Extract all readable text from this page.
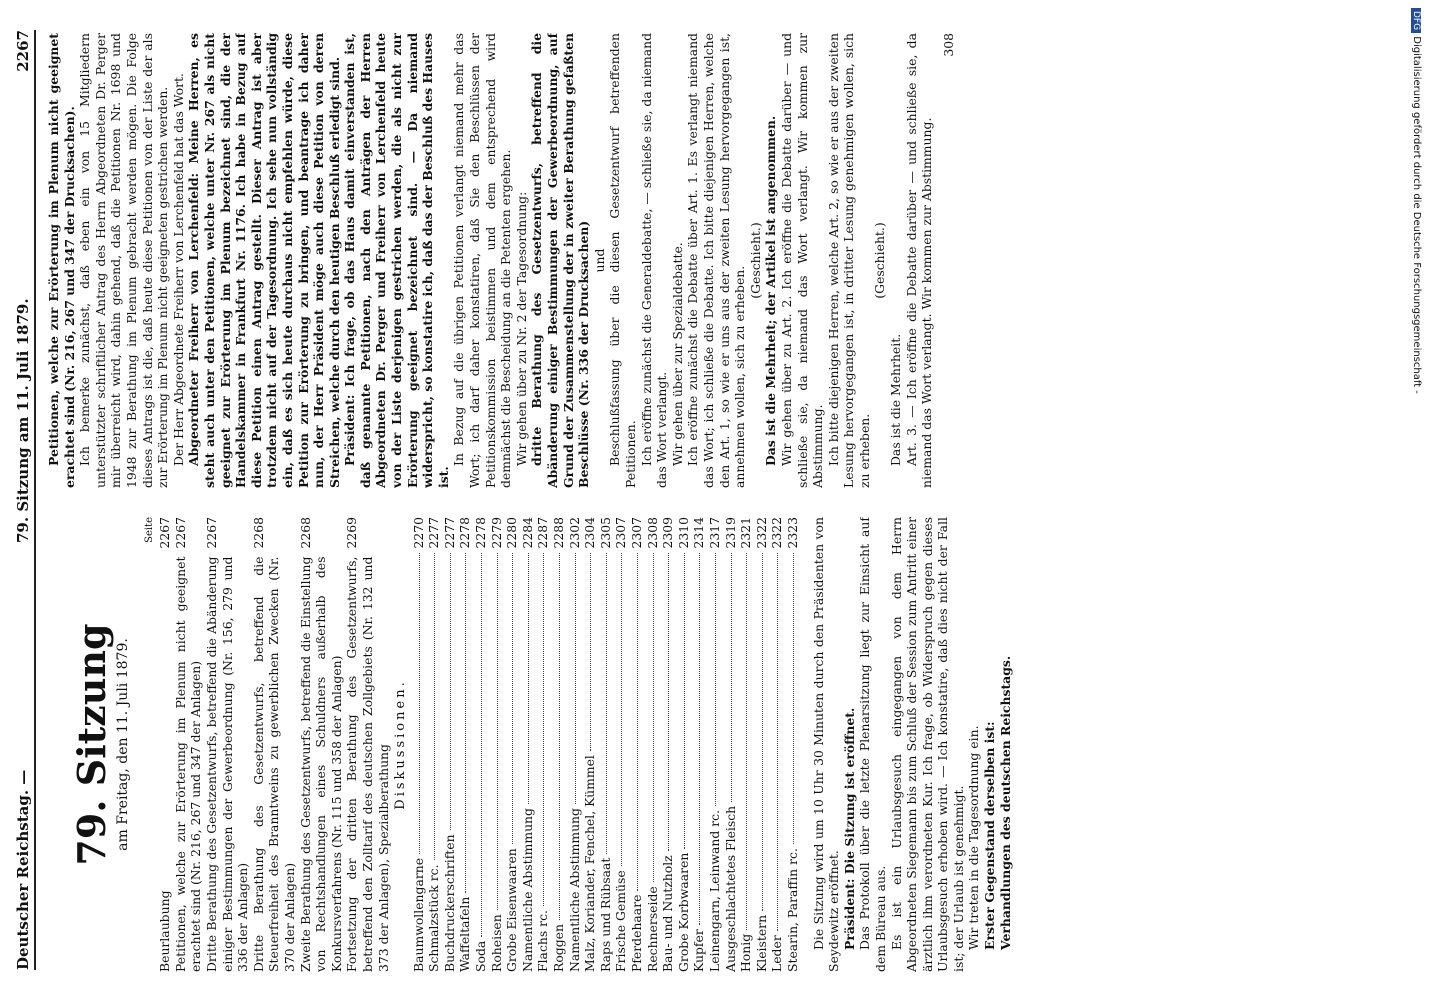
Deutscher Reichstag. —
79. Sitzung am 11. Juli 1879.
2267
79. Sitzung am Freitag, den 11. Juli 1879.
Seite
Beurlaubung
2267
Petitionen, welche zur Erörterung im Plenum nicht geeignet erachtet sind (Nr. 216, 267 und 347 der Anlagen)
2267
Dritte Berathung des Gesetzentwurfs, betreffend die Abänderung einiger Bestimmungen der Gewerbeordnung (Nr. 156, 279 und 336 der Anlagen)
2267
Dritte Berathung des Gesetzentwurfs, betreffend die Steuerfreiheit des Branntweins zu gewerblichen Zwecken (Nr. 370 der Anlagen)
2268
Zweite Berathung des Gesetzentwurfs, betreffend die Einstellung von Rechtshandlungen eines Schuldners außerhalb des Konkursverfahrens (Nr. 115 und 358 der Anlagen)
2268
Fortsetzung der dritten Berathung des Gesetzentwurfs, betreffend den Zolltarif des deutschen Zollgebiets (Nr. 132 und 373 der Anlagen), Spezialberathung
2269
Diskussionen.
Baumwollengarne
2270
Schmalzstück rc.
2277
Buchdruckerschriften
2277
Waffeltafeln
2278
Soda
2278
Roheisen
2279
Grobe Eisenwaaren
2280
Namentliche Abstimmung
2284
Flachs rc.
2287
Roggen
2288
Namentliche Abstimmung
2302
Malz, Koriander, Fenchel, Kümmel
2304
Raps und Rübsaat
2305
Frische Gemüse
2307
Pferdehaare
2307
Rechnerseide
2308
Bau- und Nutzholz
2309
Grobe Korbwaaren
2310
Kupfer
2314
Leinengarn, Leinwand rc.
2317
Ausgeschlachtetes Fleisch
2319
Honig
2321
Kleistern
2322
Leder
2322
Stearin, Paraffin rc.
2323 Die Sitzung wird um 10 Uhr 30 Minuten durch den Präsidenten von Seydewitz eröffnet. Präsident: Die Sitzung ist eröffnet. Das Protokoll über die letzte Plenarsitzung liegt zur Einsicht auf dem Büreau aus. Es ist ein Urlaubsgesuch eingegangen von dem Herrn Abgeordneten Siegemann bis zum Schluß der Session zum Antritt einer ärztlich ihm verordneten Kur. Ich frage, ob Widerspruch gegen dieses Urlaubsgesuch erhoben wird. — Ich konstatire, daß dies nicht der Fall ist; der Urlaub ist genehmigt. Wir treten in die Tagesordnung ein. Erster Gegenstand derselben ist: Verhandlungen des deutschen Reichstags.

Petitionen, welche zur Erörterung im Plenum nicht geeignet erachtet sind (Nr. 216, 267 und 347 der Drucksachen). Ich bemerke zunächst, daß eben ein von 15 Mitgliedern unterstützter schriftlicher Antrag des Herrn Abgeordneten Dr. Perger mir überreicht wird, dahin gehend, daß die Petitionen Nr. 1698 und 1948 zur Berathung im Plenum gebracht werden mögen. Die Folge dieses Antrags ist die, daß heute diese Petitionen von der Liste der als zur Erörterung im Plenum nicht geeigneten gestrichen werden. Der Herr Abgeordnete Freiherr von Lerchenfeld hat das Wort. Abgeordneter Freiherr von Lerchenfeld: Meine Herren, es steht auch unter den Petitionen, welche unter Nr. 267 als nicht geeignet zur Erörterung im Plenum bezeichnet sind, die der Handelskammer in Frankfurt Nr. 1176. Ich habe in Bezug auf diese Petition einen Antrag gestellt. Dieser Antrag ist aber trotzdem nicht auf der Tagesordnung. Ich sehe nun vollständig ein, daß es sich heute durchaus nicht empfehlen würde, diese Petition zur Erörterung zu bringen, und beantrage ich daher nun, der Herr Präsident möge auch diese Petition von deren Streichen, welche durch den heutigen Beschluß erledigt sind. Präsident: Ich frage, ob das Haus damit einverstanden ist, daß genannte Petitionen, nach den Anträgen der Herren Abgeordneten Dr. Perger und Freiherr von Lerchenfeld heute von der Liste derjenigen gestrichen werden, die als nicht zur Erörterung geeignet bezeichnet sind. — Da niemand widerspricht, so konstatire ich, daß das der Beschluß des Hauses ist.

In Bezug auf die übrigen Petitionen verlangt niemand mehr das Wort; ich darf daher konstatiren, daß Sie den Beschlüssen der Petitionskommission beistimmen und dem entsprechend wird demnächst die Bescheidung an die Petenten ergehen. Wir gehen über zu Nr. 2 der Tagesordnung: dritte Berathung des Gesetzentwurfs, betreffend die Abänderung einiger Bestimmungen der Gewerbeordnung, auf Grund der Zusammenstellung der in zweiter Berathung gefaßten Beschlüsse (Nr. 336 der Drucksachen) und Beschlußfassung über die diesen Gesetzentwurf betreffenden Petitionen. Ich eröffne zunächst die Generaldebatte, — schließe sie, da niemand das Wort verlangt. Wir gehen über zur Spezialdebatte. Ich eröffne zunächst die Debatte über Art. 1. Es verlangt niemand das Wort; ich schließe die Debatte. Ich bitte diejenigen Herren, welche den Art. 1, so wie er uns aus der zweiten Lesung hervorgegangen ist, annehmen wollen, sich zu erheben.

(Geschieht.) Das ist die Mehrheit; der Artikel ist angenommen. Wir gehen über zu Art. 2. Ich eröffne die Debatte darüber — und schließe sie, da niemand das Wort verlangt. Wir kommen zur Abstimmung. Ich bitte diejenigen Herren, welche Art. 2, so wie er aus der zweiten Lesung hervorgegangen ist, in dritter Lesung genehmigen wollen, sich zu erheben.

(Geschieht.)

Das ist die Mehrheit. Art. 3. — Ich eröffne die Debatte darüber — und schließe sie, da niemand das Wort verlangt. Wir kommen zur Abstimmung.

308
DFG Digitalisierung gefördert durch die Deutsche Forschungsgemeinschaft -
